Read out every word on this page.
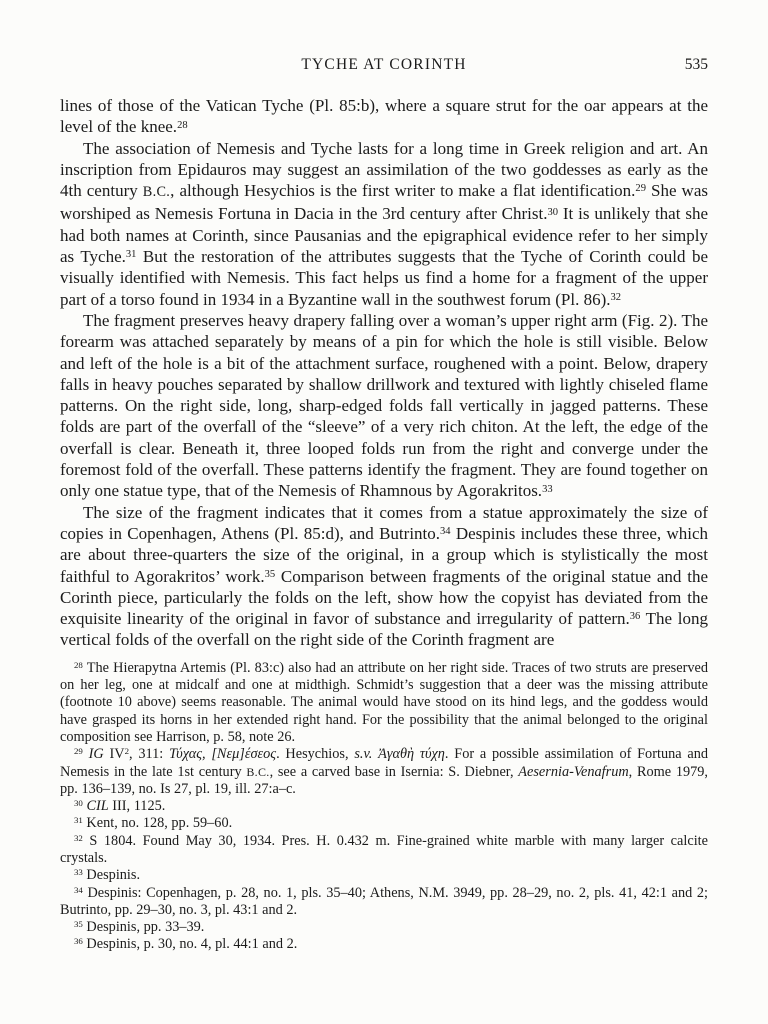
TYCHE AT CORINTH	535

lines of those of the Vatican Tyche (Pl. 85:b), where a square strut for the oar appears at the level of the knee.$^{28}$

The association of Nemesis and Tyche lasts for a long time in Greek religion and art. An inscription from Epidauros may suggest an assimilation of the two goddesses as early as the 4th century B.C., although Hesychios is the first writer to make a flat identification.$^{29}$ She was worshiped as Nemesis Fortuna in Dacia in the 3rd century after Christ.$^{30}$ It is unlikely that she had both names at Corinth, since Pausanias and the epigraphical evidence refer to her simply as Tyche.$^{31}$ But the restoration of the attributes suggests that the Tyche of Corinth could be visually identified with Nemesis. This fact helps us find a home for a fragment of the upper part of a torso found in 1934 in a Byzantine wall in the southwest forum (Pl. 86).$^{32}$

The fragment preserves heavy drapery falling over a woman’s upper right arm (Fig. 2). The forearm was attached separately by means of a pin for which the hole is still visible. Below and left of the hole is a bit of the attachment surface, roughened with a point. Below, drapery falls in heavy pouches separated by shallow drillwork and textured with lightly chiseled flame patterns. On the right side, long, sharp-edged folds fall vertically in jagged patterns. These folds are part of the overfall of the “sleeve” of a very rich chiton. At the left, the edge of the overfall is clear. Beneath it, three looped folds run from the right and converge under the foremost fold of the overfall. These patterns identify the fragment. They are found together on only one statue type, that of the Nemesis of Rhamnous by Agorakritos.$^{33}$

The size of the fragment indicates that it comes from a statue approximately the size of copies in Copenhagen, Athens (Pl. 85:d), and Butrinto.$^{34}$ Despinis includes these three, which are about three-quarters the size of the original, in a group which is stylistically the most faithful to Agorakritos’ work.$^{35}$ Comparison between fragments of the original statue and the Corinth piece, particularly the folds on the left, show how the copyist has deviated from the exquisite linearity of the original in favor of substance and irregularity of pattern.$^{36}$ The long vertical folds of the overfall on the right side of the Corinth fragment are

$^{28}$ The Hierapytna Artemis (Pl. 83:c) also had an attribute on her right side. Traces of two struts are preserved on her leg, one at midcalf and one at midthigh. Schmidt’s suggestion that a deer was the missing attribute (footnote 10 above) seems reasonable. The animal would have stood on its hind legs, and the goddess would have grasped its horns in her extended right hand. For the possibility that the animal belonged to the original composition see Harrison, p. 58, note 26.

$^{29}$ IG $IV^2$, 311: Τύχας, [Νεμ]έσεος. Hesychios, s.v. Ἀγαθὴ τύχη. For a possible assimilation of Fortuna and Nemesis in the late 1st century B.C., see a carved base in Isernia: S. Diebner, Aesernia-Venafrum, Rome 1979, pp. 136–139, no. Is 27, pl. 19, ill. 27:a–c.

$^{30}$ CIL III, 1125.

$^{31}$ Kent, no. 128, pp. 59–60.

$^{32}$ S 1804. Found May 30, 1934. Pres. H. 0.432 m. Fine-grained white marble with many larger calcite crystals.

$^{33}$ Despinis.

$^{34}$ Despinis: Copenhagen, p. 28, no. 1, pls. 35–40; Athens, N.M. 3949, pp. 28–29, no. 2, pls. 41, 42:1 and 2; Butrinto, pp. 29–30, no. 3, pl. 43:1 and 2.

$^{35}$ Despinis, pp. 33–39.

$^{36}$ Despinis, p. 30, no. 4, pl. 44:1 and 2.
